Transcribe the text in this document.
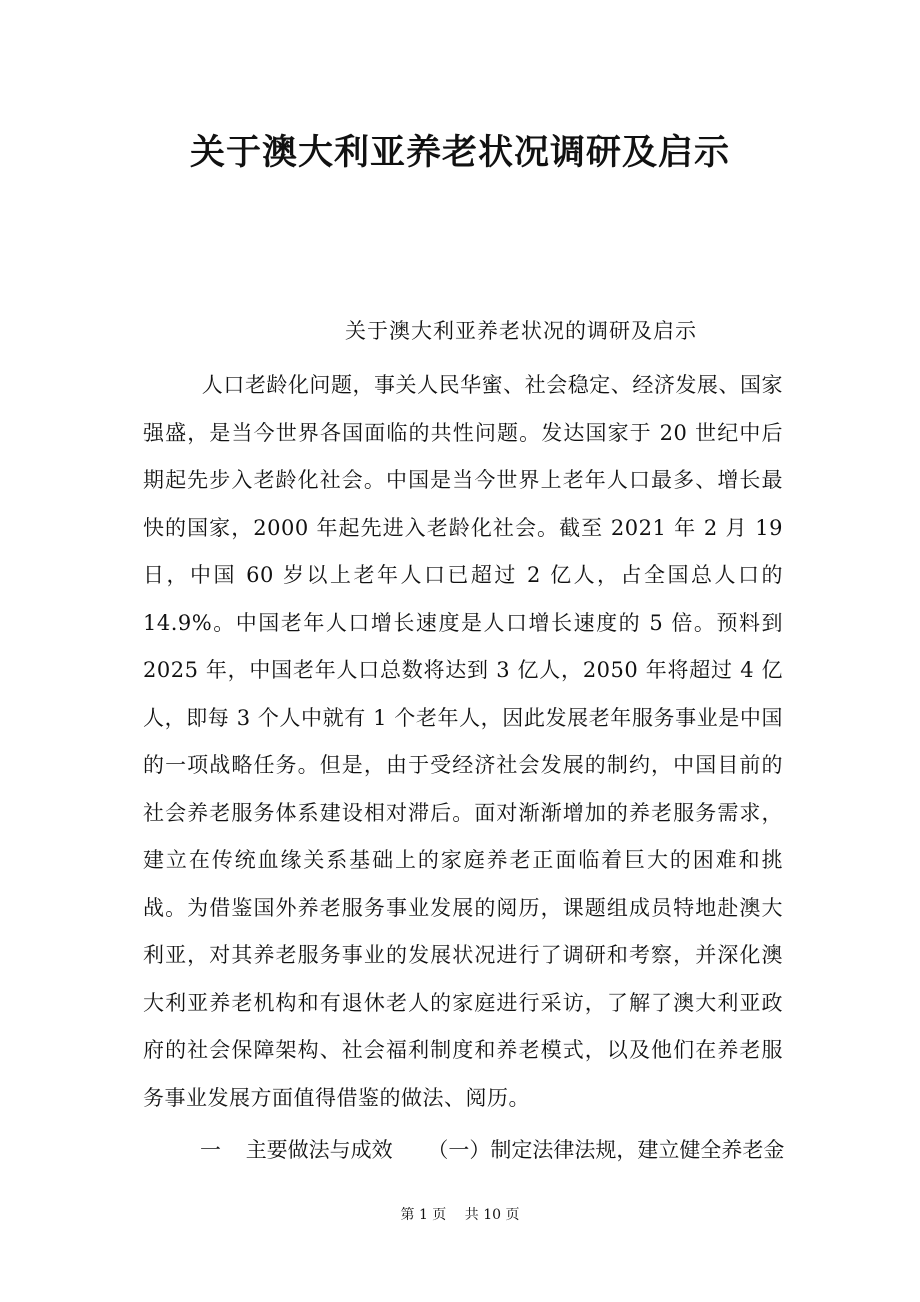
关于澳大利亚养老状况调研及启示
关于澳大利亚养老状况的调研及启示

人口老龄化问题，事关人民华蜜、社会稳定、经济发展、国家强盛，是当今世界各国面临的共性问题。发达国家于 20 世纪中后期起先步入老龄化社会。中国是当今世界上老年人口最多、增长最快的国家，2000 年起先进入老龄化社会。截至 2021 年 2 月 19 日，中国 60 岁以上老年人口已超过 2 亿人，占全国总人口的 14.9%。中国老年人口增长速度是人口增长速度的 5 倍。预料到 2025 年，中国老年人口总数将达到 3 亿人，2050 年将超过 4 亿人，即每 3 个人中就有 1 个老年人，因此发展老年服务事业是中国的一项战略任务。但是，由于受经济社会发展的制约，中国目前的社会养老服务体系建设相对滞后。面对渐渐增加的养老服务需求，建立在传统血缘关系基础上的家庭养老正面临着巨大的困难和挑战。为借鉴国外养老服务事业发展的阅历，课题组成员特地赴澳大利亚，对其养老服务事业的发展状况进行了调研和考察，并深化澳大利亚养老机构和有退休老人的家庭进行采访，了解了澳大利亚政府的社会保障架构、社会福利制度和养老模式，以及他们在养老服务事业发展方面值得借鉴的做法、阅历。

一 主要做法与成效 （一）制定法律法规，建立健全养老金
第 1 页 共 10 页
